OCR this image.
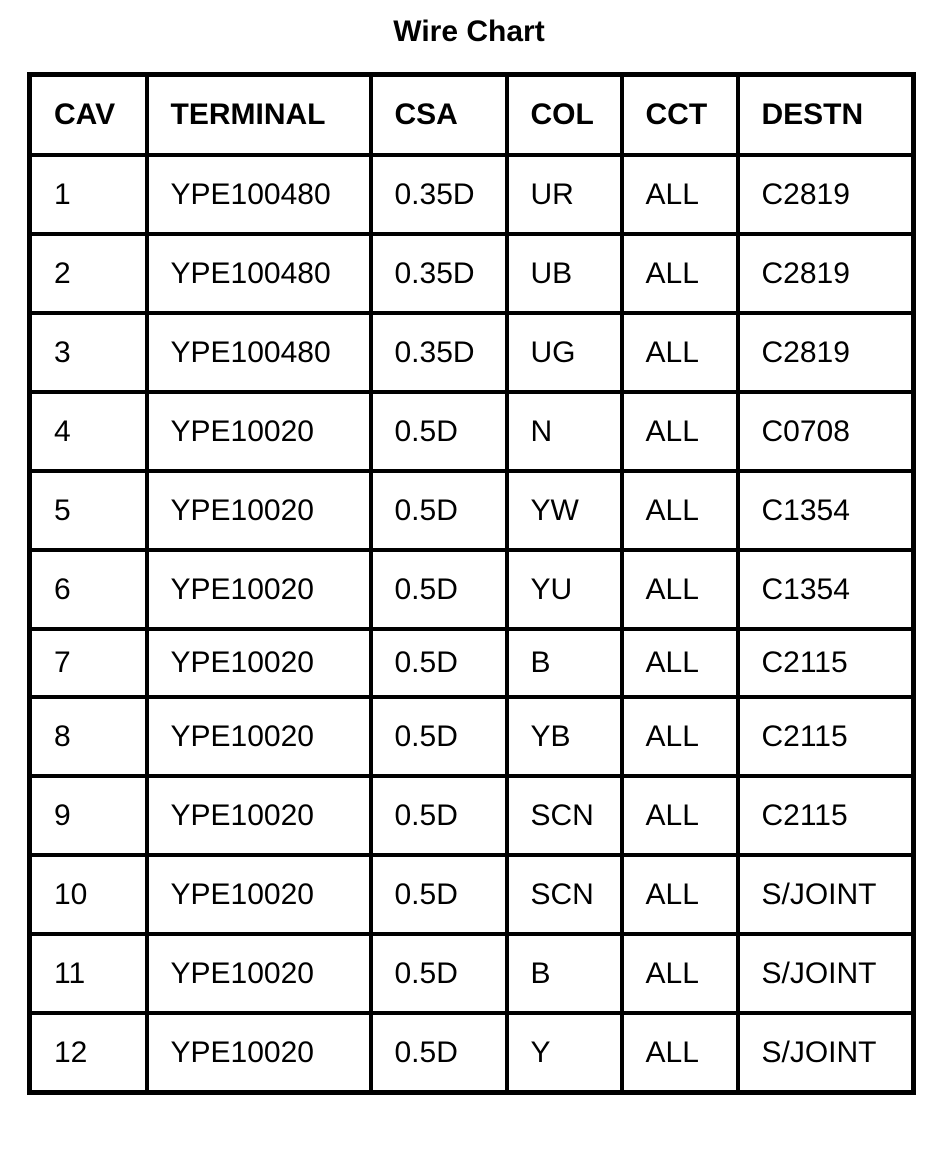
Wire Chart
CAV	TERMINAL	CSA	COL	CCT	DESTN
1	YPE100480	0.35D	UR	ALL	C2819
2	YPE100480	0.35D	UB	ALL	C2819
3	YPE100480	0.35D	UG	ALL	C2819
4	YPE10020	0.5D	N	ALL	C0708
5	YPE10020	0.5D	YW	ALL	C1354
6	YPE10020	0.5D	YU	ALL	C1354
7	YPE10020	0.5D	B	ALL	C2115
8	YPE10020	0.5D	YB	ALL	C2115
9	YPE10020	0.5D	SCN	ALL	C2115
10	YPE10020	0.5D	SCN	ALL	S/JOINT
11	YPE10020	0.5D	B	ALL	S/JOINT
12	YPE10020	0.5D	Y	ALL	S/JOINT
